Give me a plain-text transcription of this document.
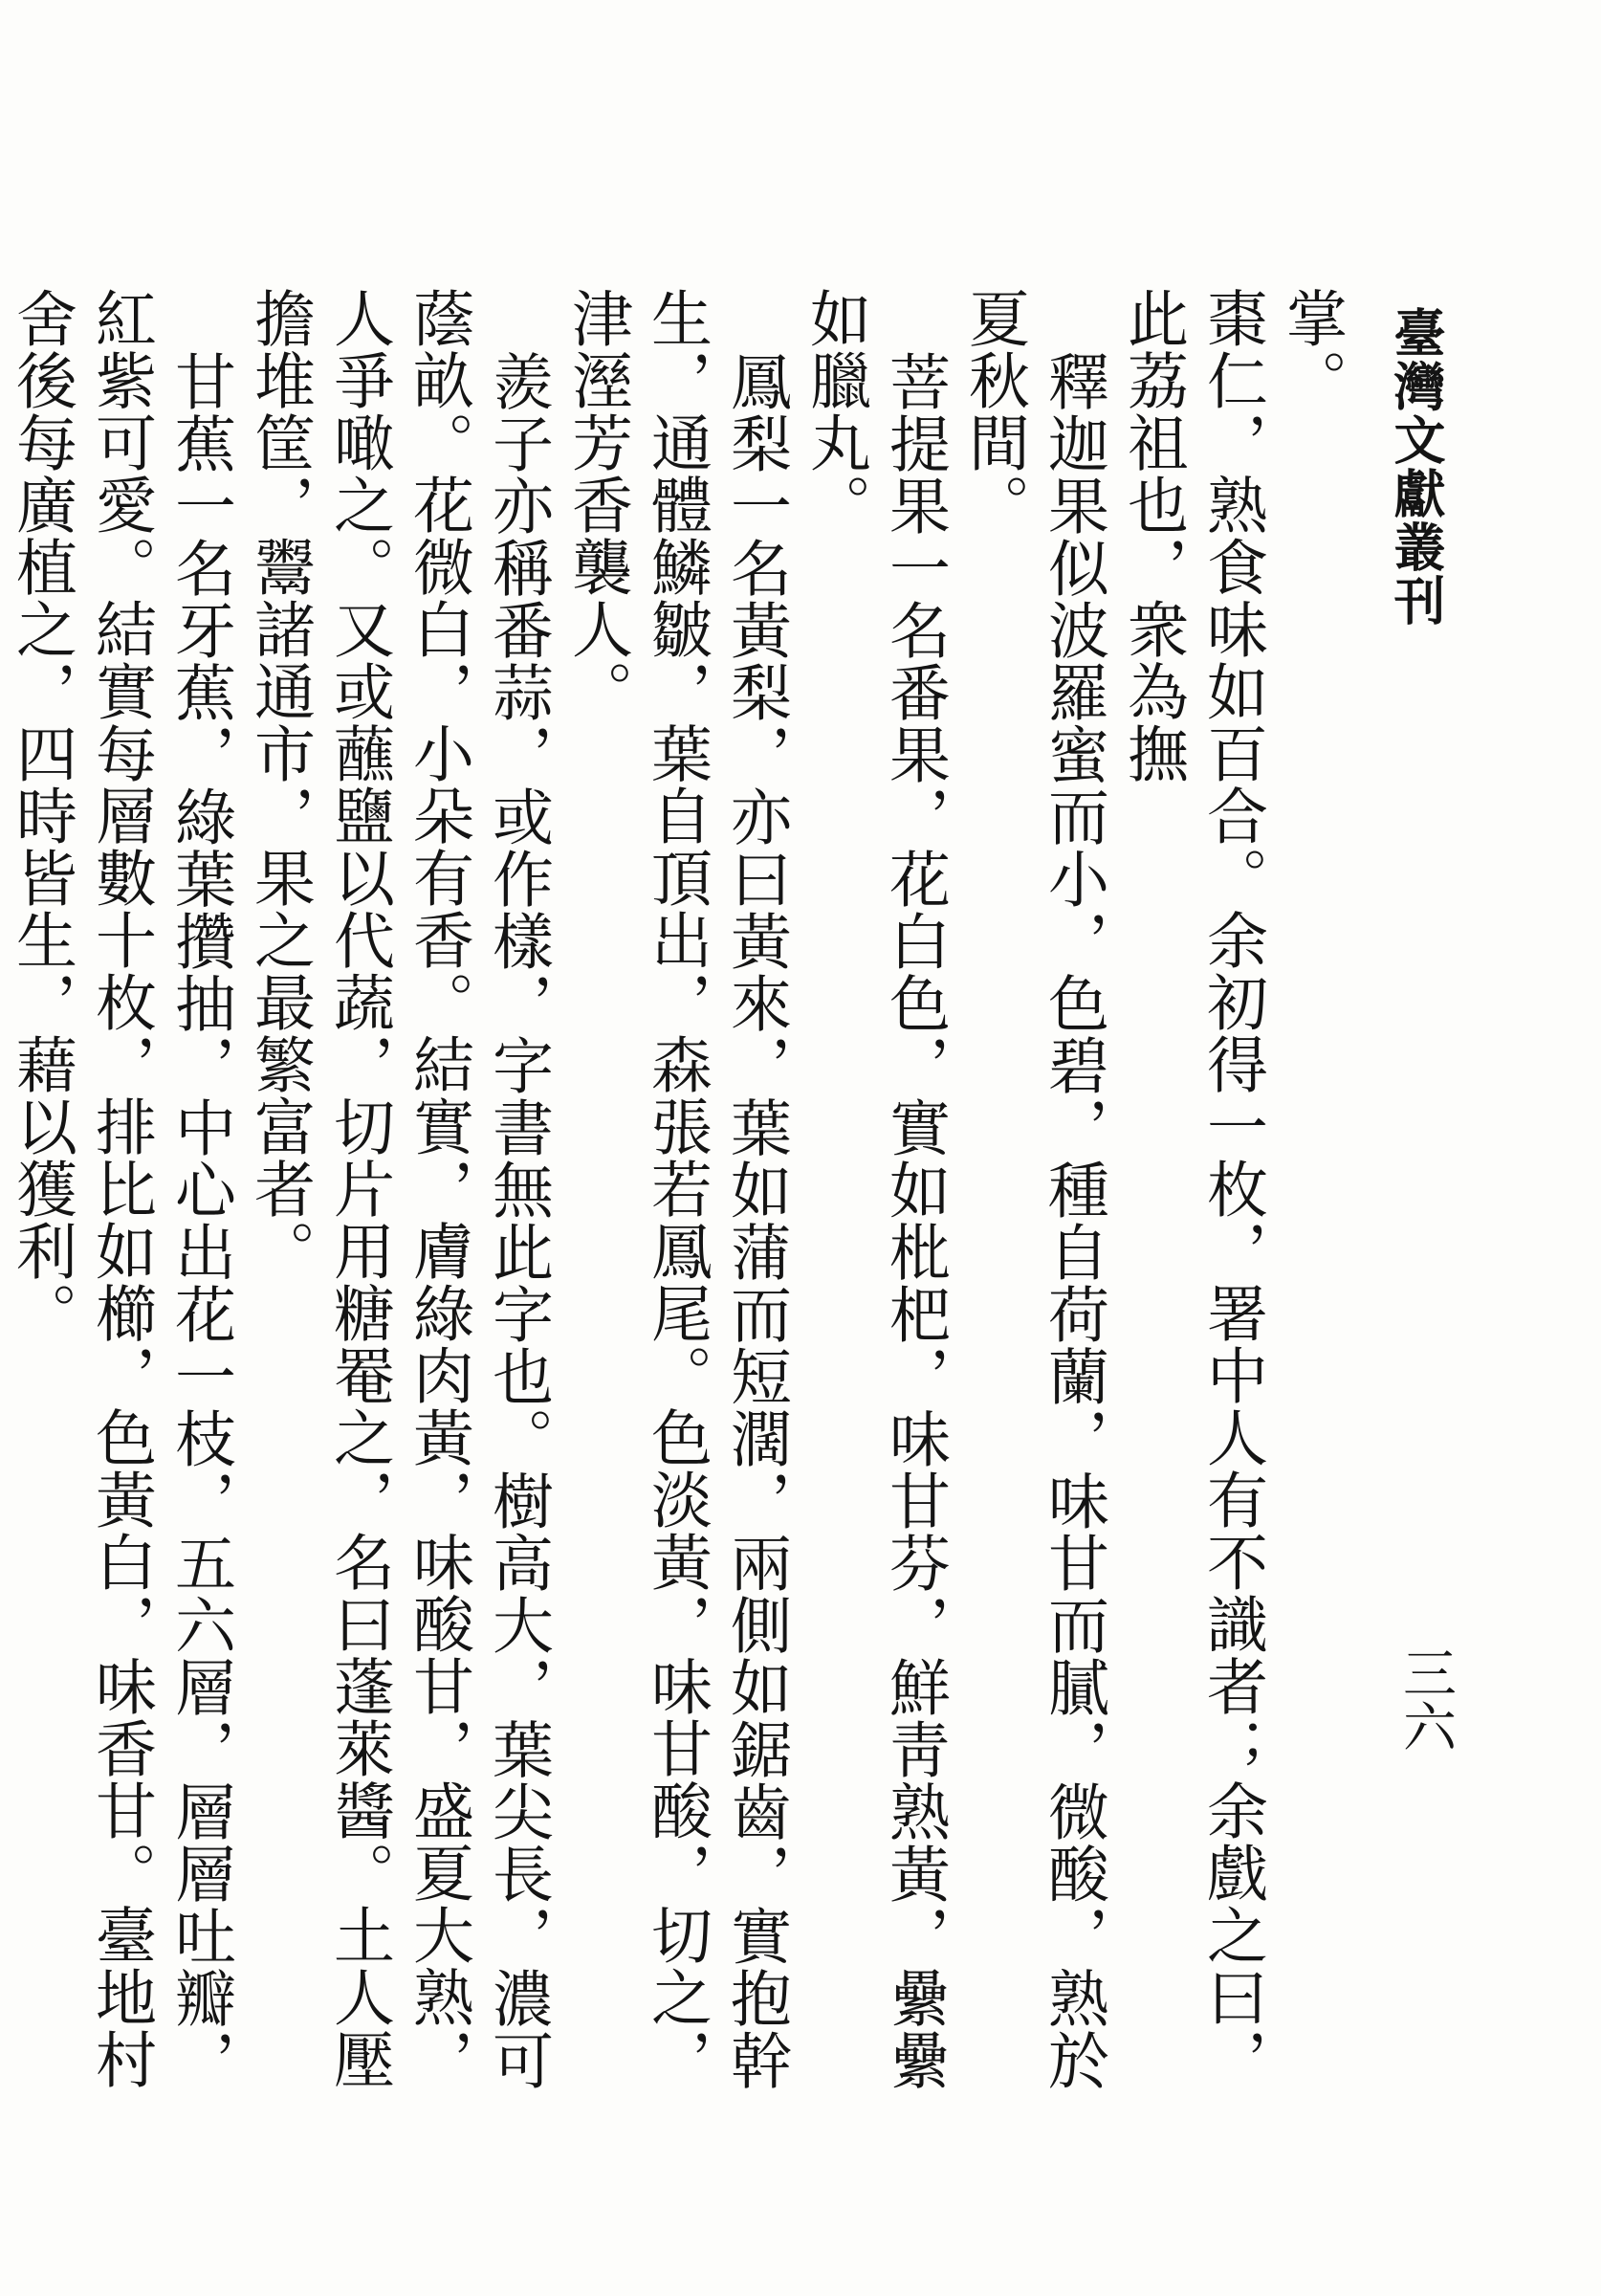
臺灣文獻叢刊
三六

掌。

棗仁，熟食味如百合。余初得一枚，署中人有不識者；余戲之曰，此荔祖也，衆為撫

釋迦果似波羅蜜而小，色碧，種自荷蘭，味甘而膩，微酸，熟於夏秋間。

菩提果一名番果，花白色，實如枇杷，味甘芬，鮮靑熟黃，纍纍如臘丸。

鳳梨一名黃梨，亦曰黃來，葉如蒲而短濶，兩側如鋸齒，實抱幹生，通體鱗皺，葉自頂出，森張若鳳尾。色淡黃，味甘酸，切之，津溼芳香襲人。

羨子亦稱番蒜，或作樣，字書無此字也。樹高大，葉尖長，濃可蔭畝。花微白，小朵有香。結實，膚綠肉黃，味酸甘，盛夏大熟，人爭噉之。又或蘸鹽以代蔬，切片用糖罨之，名曰蓬萊醬。土人壓擔堆筐，鬻諸通市，果之最繁富者。

甘蕉一名牙蕉，綠葉攢抽，中心出花一枝，五六層，層層吐瓣，紅紫可愛。結實每層數十枚，排比如櫛，色黃白，味香甘。臺地村舍後每廣植之，四時皆生，藉以獲利。
